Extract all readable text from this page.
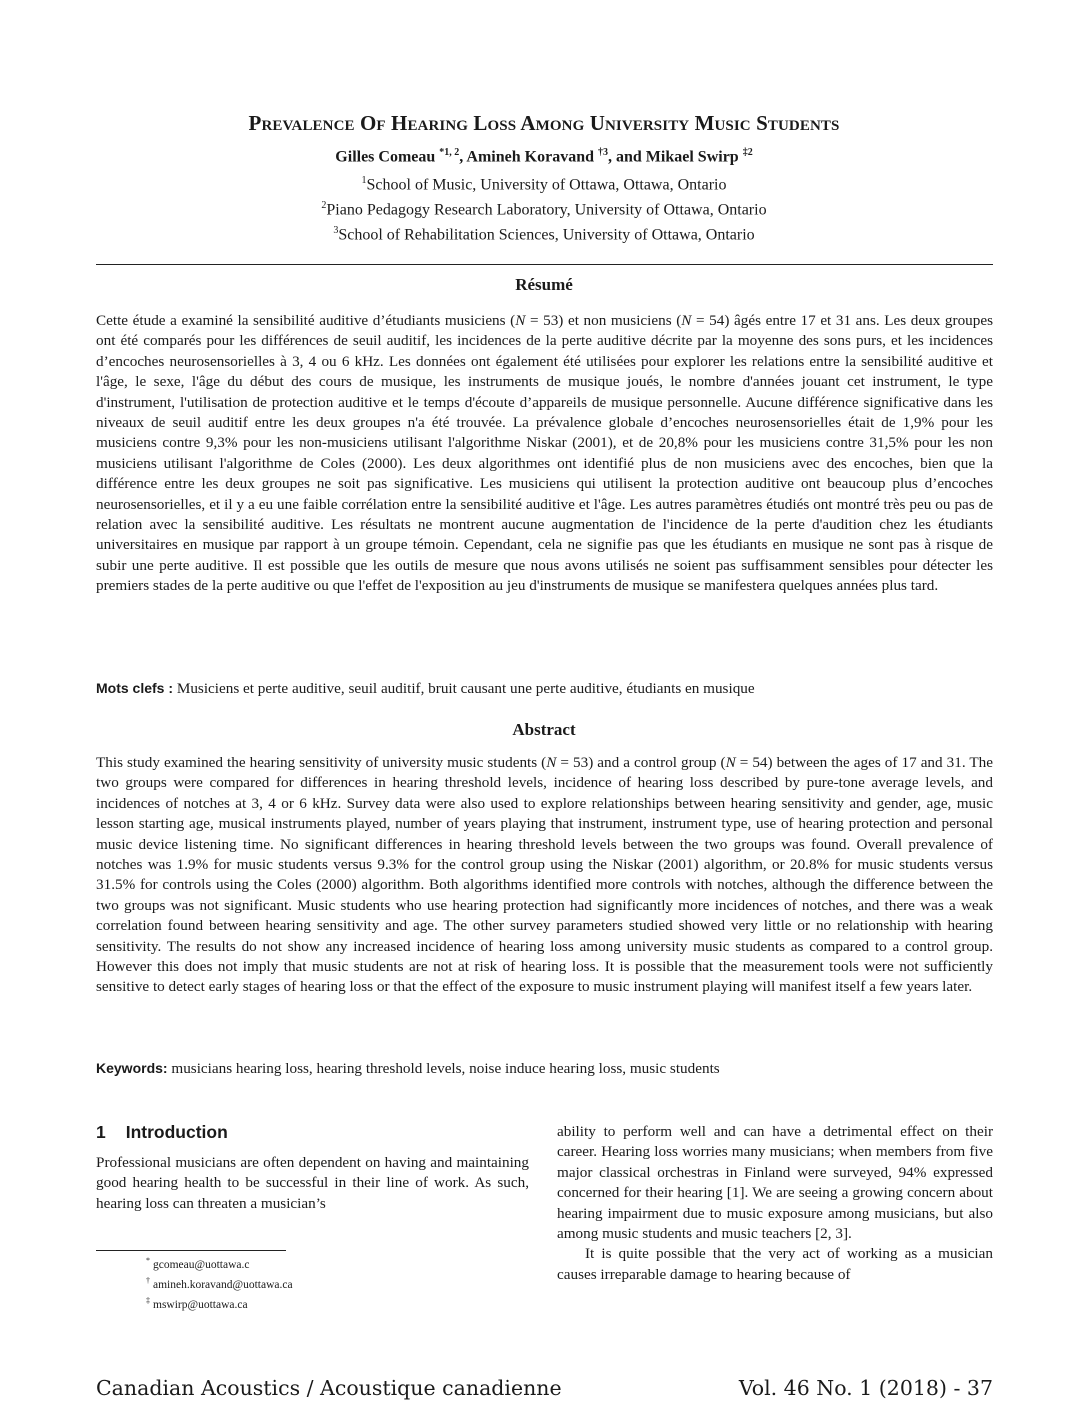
Prevalence Of Hearing Loss Among University Music Students
Gilles Comeau $^{*1, 2}$, Amineh Koravand $^{\dagger 3}$, and Mikael Swirp $^{\ddagger 2}$
$^1$School of Music, University of Ottawa, Ottawa, Ontario
$^2$Piano Pedagogy Research Laboratory, University of Ottawa, Ontario
$^3$School of Rehabilitation Sciences, University of Ottawa, Ontario
Résumé
Cette étude a examiné la sensibilité auditive d’étudiants musiciens (N = 53) et non musiciens (N = 54) âgés entre 17 et 31 ans. Les deux groupes ont été comparés pour les différences de seuil auditif, les incidences de la perte auditive décrite par la moyenne des sons purs, et les incidences d’encoches neurosensorielles à 3, 4 ou 6 kHz. Les données ont également été utilisées pour explorer les relations entre la sensibilité auditive et l'âge, le sexe, l'âge du début des cours de musique, les instruments de musique joués, le nombre d'années jouant cet instrument, le type d'instrument, l'utilisation de protection auditive et le temps d'écoute d’appareils de musique personnelle. Aucune différence significative dans les niveaux de seuil auditif entre les deux groupes n'a été trouvée. La prévalence globale d’encoches neurosensorielles était de 1,9% pour les musiciens contre 9,3% pour les non-musiciens utilisant l'algorithme Niskar (2001), et de 20,8% pour les musiciens contre 31,5% pour les non musiciens utilisant l'algorithme de Coles (2000). Les deux algorithmes ont identifié plus de non musiciens avec des encoches, bien que la différence entre les deux groupes ne soit pas significative. Les musiciens qui utilisent la protection auditive ont beaucoup plus d’encoches neurosensorielles, et il y a eu une faible corrélation entre la sensibilité auditive et l'âge. Les autres paramètres étudiés ont montré très peu ou pas de relation avec la sensibilité auditive. Les résultats ne montrent aucune augmentation de l'incidence de la perte d'audition chez les étudiants universitaires en musique par rapport à un groupe témoin. Cependant, cela ne signifie pas que les étudiants en musique ne sont pas à risque de subir une perte auditive. Il est possible que les outils de mesure que nous avons utilisés ne soient pas suffisamment sensibles pour détecter les premiers stades de la perte auditive ou que l'effet de l'exposition au jeu d'instruments de musique se manifestera quelques années plus tard.
Mots clefs : Musiciens et perte auditive, seuil auditif, bruit causant une perte auditive, étudiants en musique
Abstract
This study examined the hearing sensitivity of university music students (N = 53) and a control group (N = 54) between the ages of 17 and 31. The two groups were compared for differences in hearing threshold levels, incidence of hearing loss described by pure-tone average levels, and incidences of notches at 3, 4 or 6 kHz. Survey data were also used to explore relationships between hearing sensitivity and gender, age, music lesson starting age, musical instruments played, number of years playing that instrument, instrument type, use of hearing protection and personal music device listening time. No significant differences in hearing threshold levels between the two groups was found. Overall prevalence of notches was 1.9% for music students versus 9.3% for the control group using the Niskar (2001) algorithm, or 20.8% for music students versus 31.5% for controls using the Coles (2000) algorithm. Both algorithms identified more controls with notches, although the difference between the two groups was not significant. Music students who use hearing protection had significantly more incidences of notches, and there was a weak correlation found between hearing sensitivity and age. The other survey parameters studied showed very little or no relationship with hearing sensitivity. The results do not show any increased incidence of hearing loss among university music students as compared to a control group. However this does not imply that music students are not at risk of hearing loss. It is possible that the measurement tools were not sufficiently sensitive to detect early stages of hearing loss or that the effect of the exposure to music instrument playing will manifest itself a few years later.
Keywords: musicians hearing loss, hearing threshold levels, noise induce hearing loss, music students
1 Introduction

Professional musicians are often dependent on having and maintaining good hearing health to be successful in their line of work. As such, hearing loss can threaten a musician’s

ability to perform well and can have a detrimental effect on their career. Hearing loss worries many musicians; when members from five major classical orchestras in Finland were surveyed, 94% expressed concerned for their hearing [1]. We are seeing a growing concern about hearing impairment due to music exposure among musicians, but also among music students and music teachers [2, 3].

It is quite possible that the very act of working as a musician causes irreparable damage to hearing because of

* gcomeau@uottawa.c
† amineh.koravand@uottawa.ca
‡ mswirp@uottawa.ca
Canadian Acoustics / Acoustique canadienne	Vol. 46 No. 1 (2018) - 37
